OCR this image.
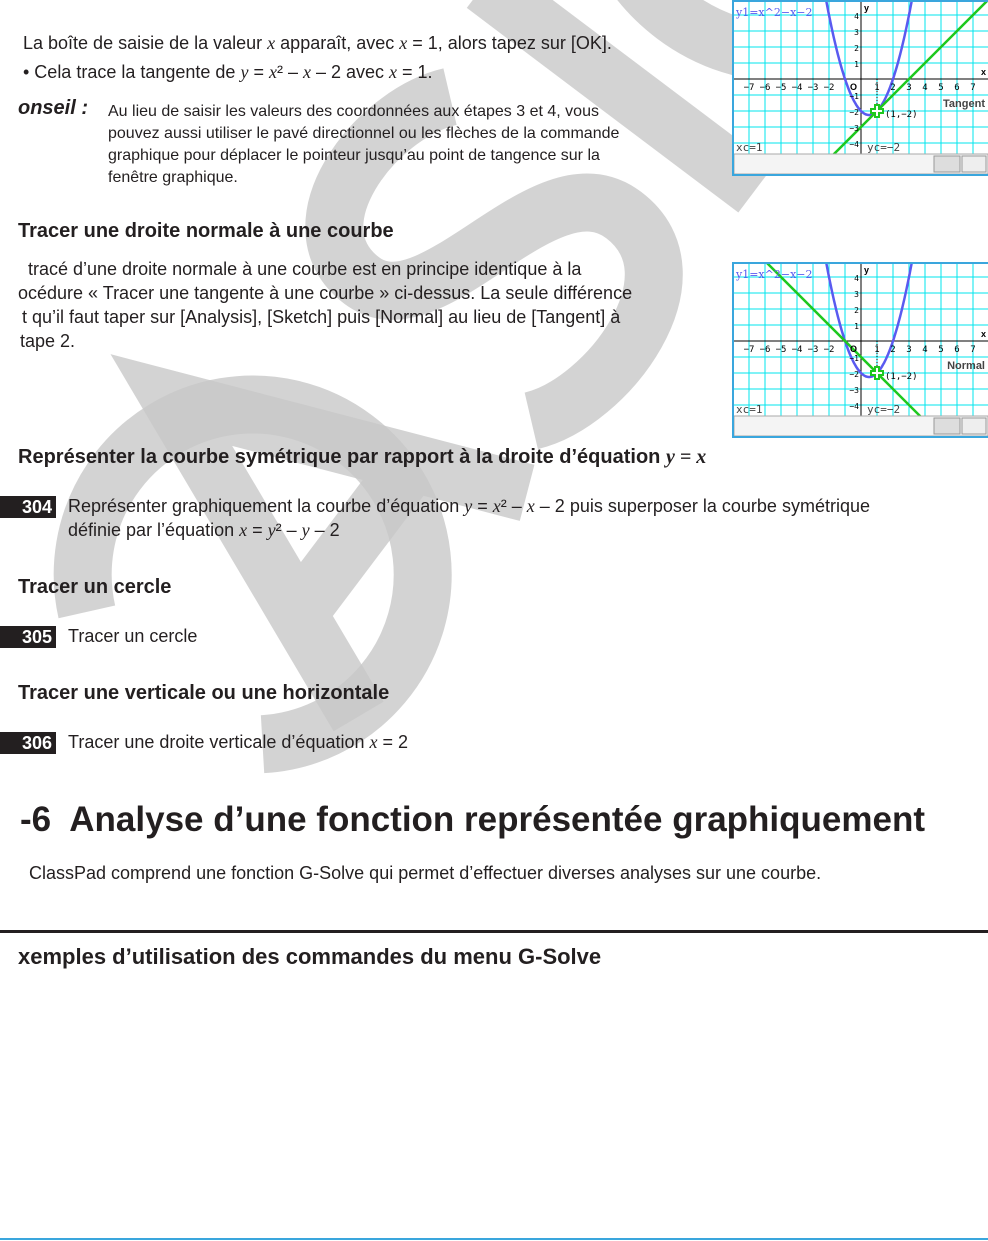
La boîte de saisie de la valeur x apparaît, avec x = 1, alors tapez sur [OK].
• Cela trace la tangente de y = x² – x – 2 avec x = 1.
onseil : Au lieu de saisir les valeurs des coordonnées aux étapes 3 et 4, vous
pouvez aussi utiliser le pavé directionnel ou les flèches de la commande
graphique pour déplacer le pointeur jusqu’au point de tangence sur la
fenêtre graphique.
−7 −6 −5 −4 −3 −2	1 2 3 4 5 6 7
4
3
2
1
−1
−2
−3
−4
x
y
O
(1,−2)
y1=x^2−x−2
Tangent
xc=1	yc=−2
Tracer une droite normale à une courbe
tracé d’une droite normale à une courbe est en principe identique à la
océdure « Tracer une tangente à une courbe » ci-dessus. La seule différence
t qu’il faut taper sur [Analysis], [Sketch] puis [Normal] au lieu de [Tangent] à
tape 2.	−7 −6 −5 −4 −3 −2	1 2 3 4 5 6 7
4
3
2
1
−1
−2
−3
−4
x
y
O
(1,−2)
y1=x^2−x−2
Normal
xc=1	yc=−2
Représenter la courbe symétrique par rapport à la droite d’équation y = x
304 Représenter graphiquement la courbe d’équation y = x² – x – 2 puis superposer la courbe symétrique
définie par l’équation x = y² – y – 2
Tracer un cercle
305 Tracer un cercle
Tracer une verticale ou une horizontale
306 Tracer une droite verticale d’équation x = 2
-6 Analyse d’une fonction représentée graphiquement
ClassPad comprend une fonction G-Solve qui permet d’effectuer diverses analyses sur une courbe.
xemples d’utilisation des commandes du menu G-Solve
